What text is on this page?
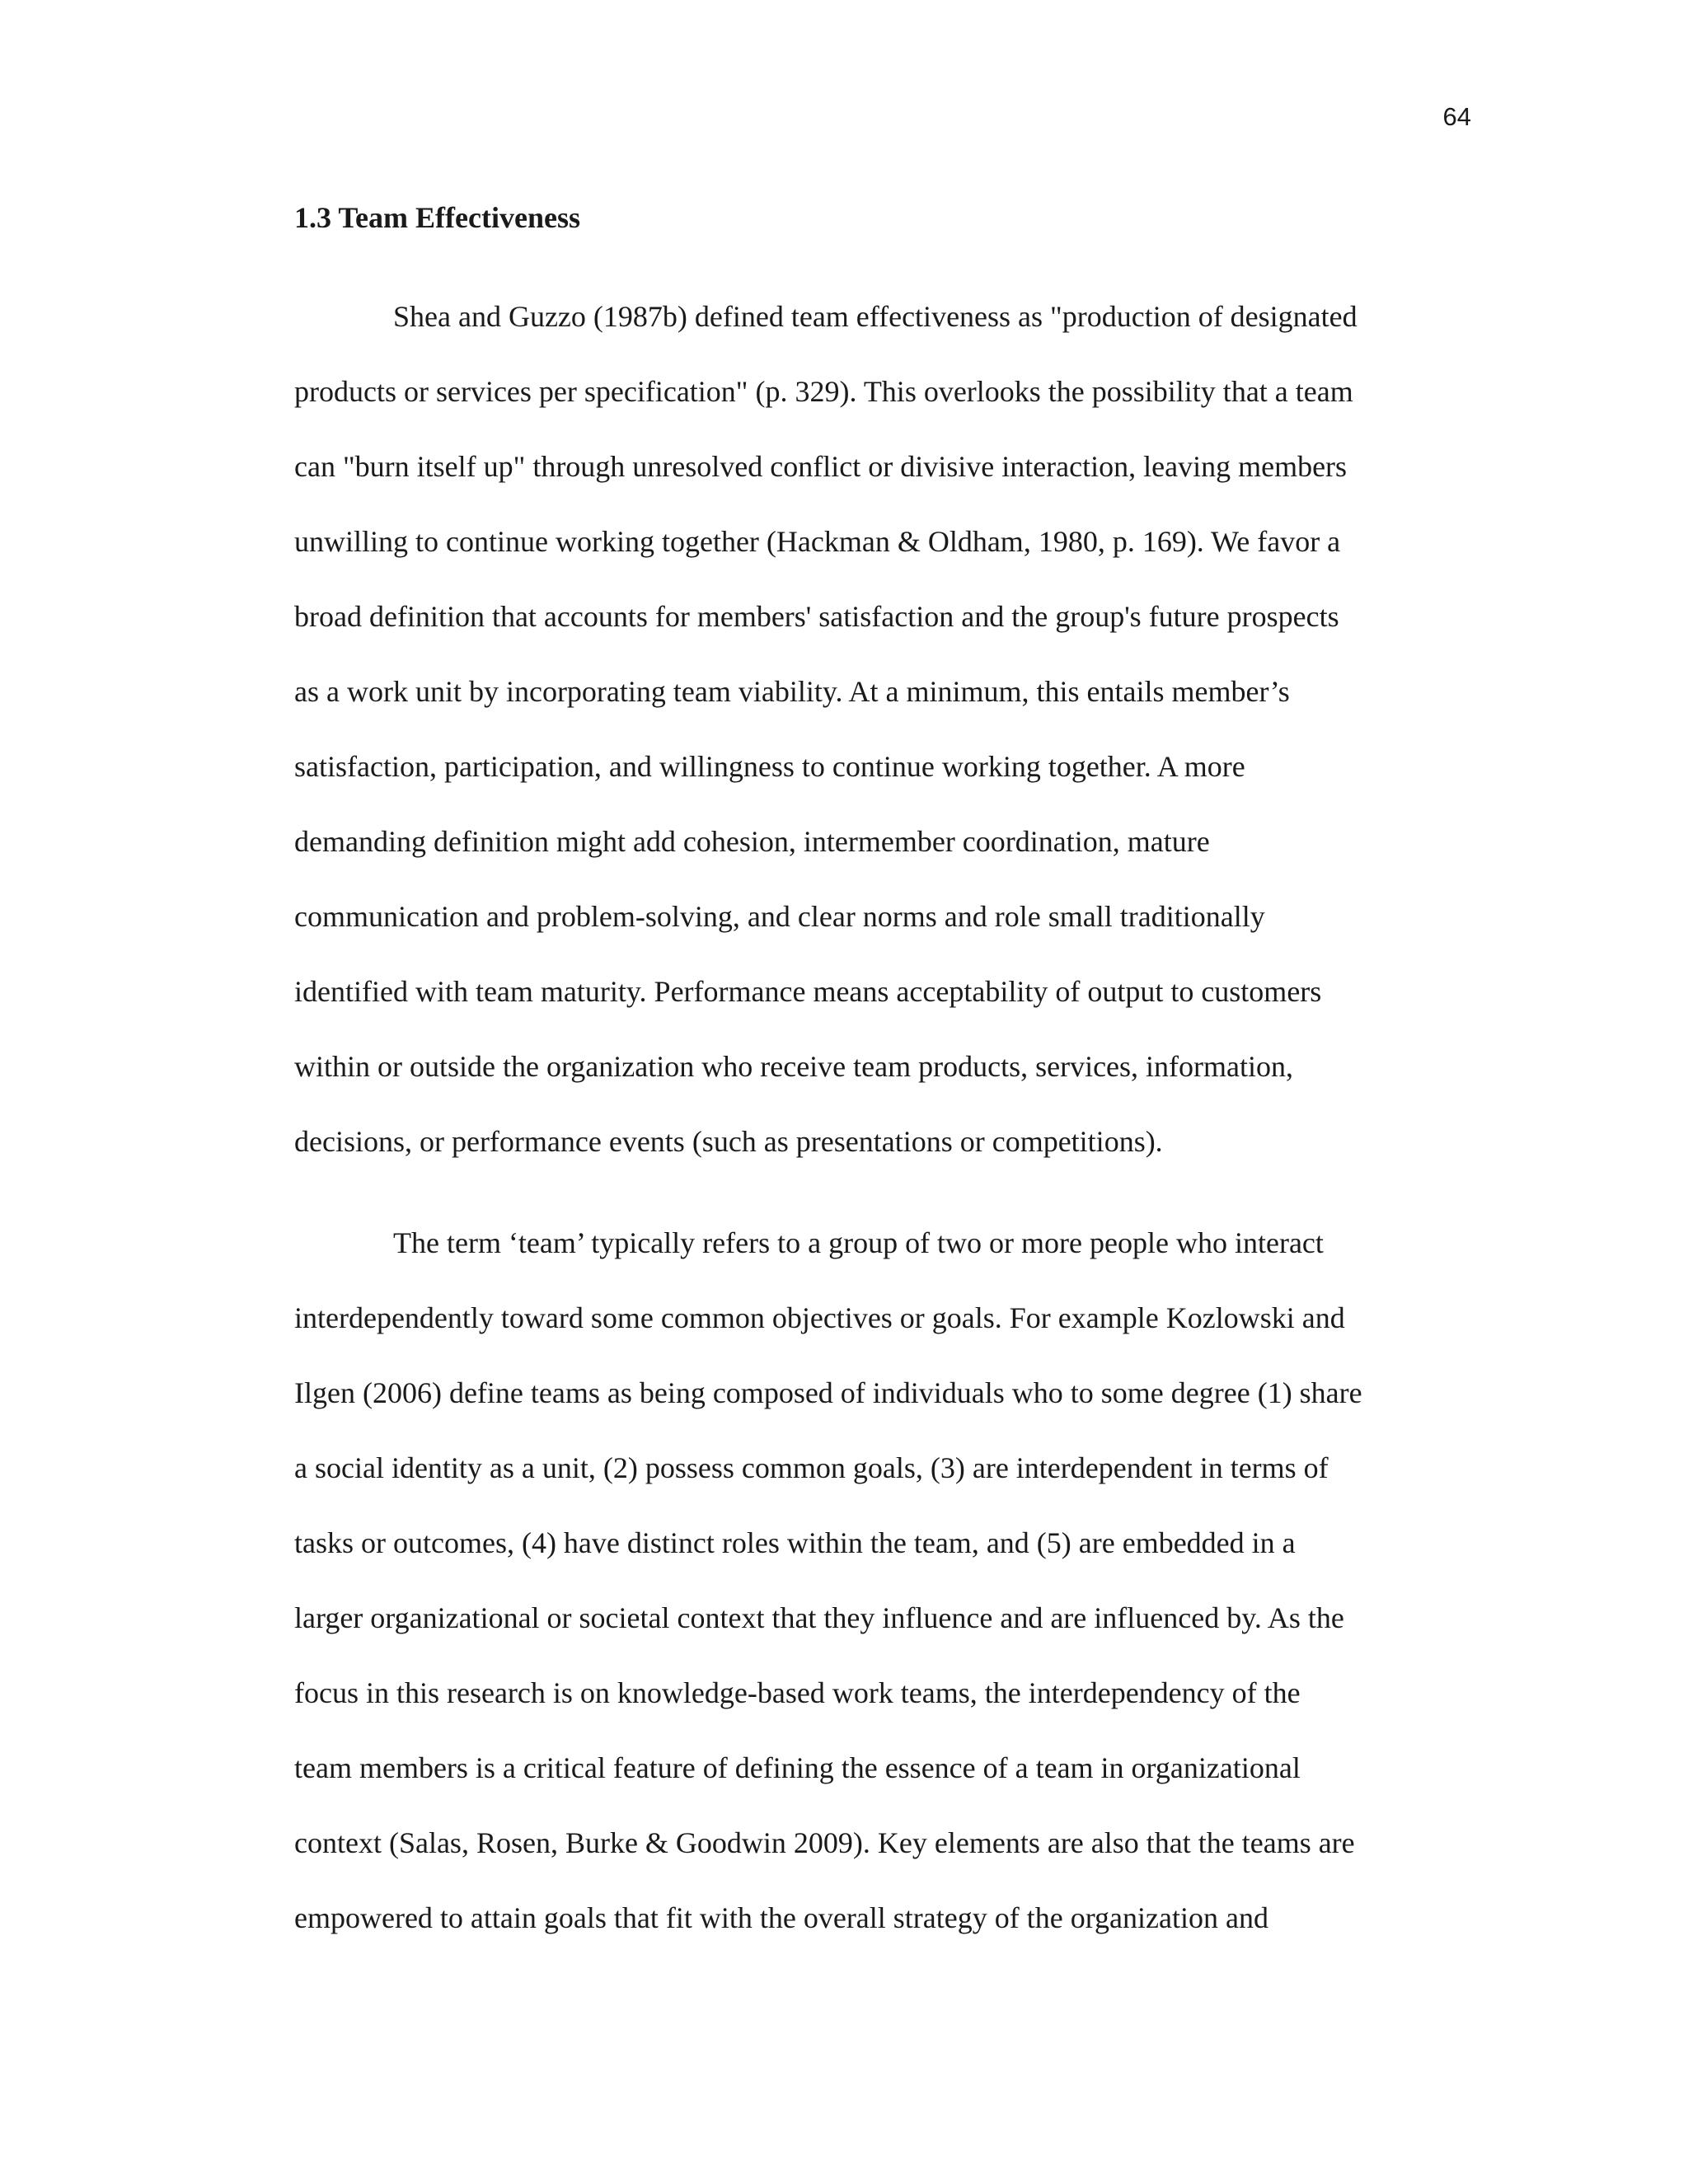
64
1.3 Team Effectiveness

Shea and Guzzo (1987b) defined team effectiveness as "production of designated
products or services per specification" (p. 329). This overlooks the possibility that a team
can "burn itself up" through unresolved conflict or divisive interaction, leaving members
unwilling to continue working together (Hackman & Oldham, 1980, p. 169). We favor a
broad definition that accounts for members' satisfaction and the group's future prospects
as a work unit by incorporating team viability. At a minimum, this entails member’s
satisfaction, participation, and willingness to continue working together. A more
demanding definition might add cohesion, intermember coordination, mature
communication and problem-solving, and clear norms and role small traditionally
identified with team maturity. Performance means acceptability of output to customers
within or outside the organization who receive team products, services, information,
decisions, or performance events (such as presentations or competitions).

The term ‘team’ typically refers to a group of two or more people who interact
interdependently toward some common objectives or goals. For example Kozlowski and
Ilgen (2006) define teams as being composed of individuals who to some degree (1) share
a social identity as a unit, (2) possess common goals, (3) are interdependent in terms of
tasks or outcomes, (4) have distinct roles within the team, and (5) are embedded in a
larger organizational or societal context that they influence and are influenced by. As the
focus in this research is on knowledge-based work teams, the interdependency of the
team members is a critical feature of defining the essence of a team in organizational
context (Salas, Rosen, Burke & Goodwin 2009). Key elements are also that the teams are
empowered to attain goals that fit with the overall strategy of the organization and
